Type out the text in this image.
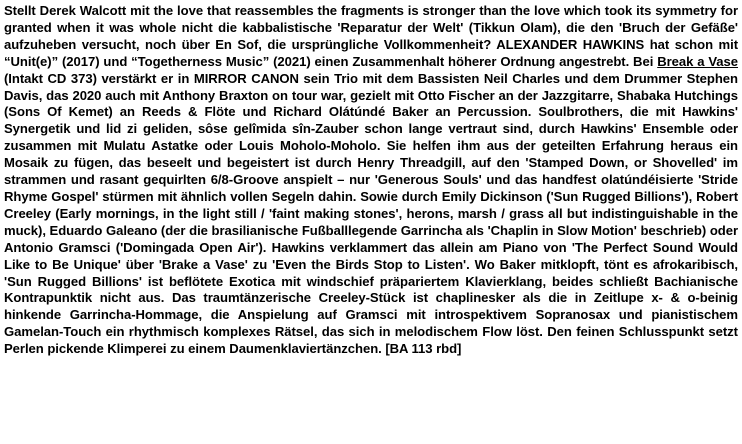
Stellt Derek Walcott mit the love that reassembles the fragments is stronger than the love which took its symmetry for granted when it was whole nicht die kabbalistische 'Reparatur der Welt' (Tikkun Olam), die den 'Bruch der Gefäße' aufzuheben versucht, noch über En Sof, die ursprüngliche Vollkommenheit? ALEXANDER HAWKINS hat schon mit “Unit(e)” (2017) und “Togetherness Music” (2021) einen Zusammenhalt höherer Ordnung angestrebt. Bei Break a Vase (Intakt CD 373) verstärkt er in MIRROR CANON sein Trio mit dem Bassisten Neil Charles und dem Drummer Stephen Davis, das 2020 auch mit Anthony Braxton on tour war, gezielt mit Otto Fischer an der Jazzgitarre, Shabaka Hutchings (Sons Of Kemet) an Reeds & Flöte und Richard Olátúndé Baker an Percussion. Soulbrothers, die mit Hawkins' Synergetik und lid zi geliden, sôse gelîmida sîn-Zauber schon lange vertraut sind, durch Hawkins' Ensemble oder zusammen mit Mulatu Astatke oder Louis Moholo-Moholo. Sie helfen ihm aus der geteilten Erfahrung heraus ein Mosaik zu fügen, das beseelt und begeistert ist durch Henry Threadgill, auf den 'Stamped Down, or Shovelled' im strammen und rasant gequirlten 6/8-Groove anspielt – nur 'Generous Souls' und das handfest olatúndéisierte 'Stride Rhyme Gospel' stürmen mit ähnlich vollen Segeln dahin. Sowie durch Emily Dickinson ('Sun Rugged Billions'), Robert Creeley (Early mornings, in the light still / 'faint making stones', herons, marsh / grass all but indistinguishable in the muck), Eduardo Galeano (der die brasilianische Fußballlegende Garrincha als 'Chaplin in Slow Motion' beschrieb) oder Antonio Gramsci ('Domingada Open Air'). Hawkins verklammert das allein am Piano von 'The Perfect Sound Would Like to Be Unique' über 'Brake a Vase' zu 'Even the Birds Stop to Listen'. Wo Baker mitklopft, tönt es afrokaribisch, 'Sun Rugged Billions' ist beflötete Exotica mit windschief präpariertem Klavierklang, beides schließt Bachianische Kontrapunktik nicht aus. Das traumtänzerische Creeley-Stück ist chaplinesker als die in Zeitlupe x- & o-beinig hinkende Garrincha-Hommage, die Anspielung auf Gramsci mit introspektivem Sopranosax und pianistischem Gamelan-Touch ein rhythmisch komplexes Rätsel, das sich in melodischem Flow löst. Den feinen Schlusspunkt setzt Perlen pickende Klimperei zu einem Daumenklaviertänzchen. [BA 113 rbd]
